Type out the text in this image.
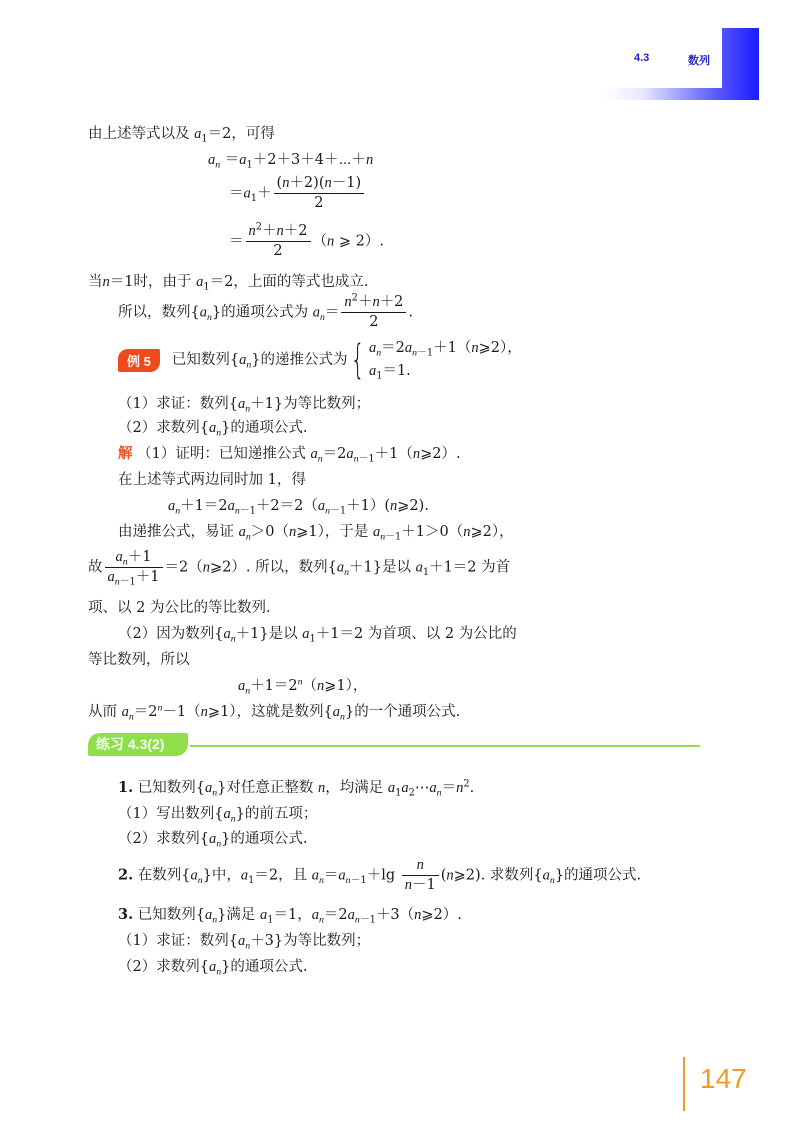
4.3	数列
由上述等式以及 $a_1=2$，可得
$a_n$ $=a_1+2+3+4+\cdots+n$
$=a_1+ \frac{(n+2)(n-1)}{2}$
＝ $\frac{n^2+n+2}{2} (n$ ⩾ 2）.
当n＝1时，由于 $a_1=2$，上面的等式也成立.
所以，数列$\{a_n\}$的通项公式为 $a_n= \frac{n^2+n+2}{2}$ .
例 5 已知数列$\{a_n\}$的递推公式为{ $a_n=2a_{n-1}+1(n⩾2)$，
$a_1=1$.
（1）求证：数列$\{a_n+1\}$为等比数列；
（2）求数列$\{a_n\}$的通项公式.
解 （1）证明：已知递推公式 $a_n=2a_{n-1}+1(n⩾2)$.
在上述等式两边同时加 1，得
$a_n+1=2a_{n-1}+2=2(a_{n-1}+1)(n⩾2)$.
由递推公式，易证 $a_n>0(n⩾1)$，于是 $a_{n-1}+1>0(n⩾2)$，
故 $\frac{a_n+1}{a_{n-1}+1}$ ＝2（n⩾2）. 所以，数列$\{a_n+1\}$是以 $a_1+1=2$ 为首
项、以 2 为公比的等比数列.
（2）因为数列$\{a_n+1\}$是以 $a_1+1=2$ 为首项、以 2 为公比的
等比数列，所以
$a_n+1=2^n(n⩾1)$，
从而 $a_n=2^n-1(n⩾1)$，这就是数列$\{a_n\}$的一个通项公式.
练习 4.3(2)
1. 已知数列$\{a_n\}$对任意正整数 n，均满足 $a_1a_2\cdots a_n=n^2$.
（1）写出数列$\{a_n\}$的前五项；
（2）求数列$\{a_n\}$的通项公式.
2. 在数列$\{a_n\}$中，$a_1=2$，且 $a_n=a_{n-1}+\lg \frac{n}{n-1}$ (n⩾2). 求数列$\{a_n\}$的通项公式.
3. 已知数列$\{a_n\}$满足 $a_1=1$，$a_n=2a_{n-1}+3(n⩾2)$.
（1）求证：数列$\{a_n+3\}$为等比数列；
（2）求数列$\{a_n\}$的通项公式.
147
